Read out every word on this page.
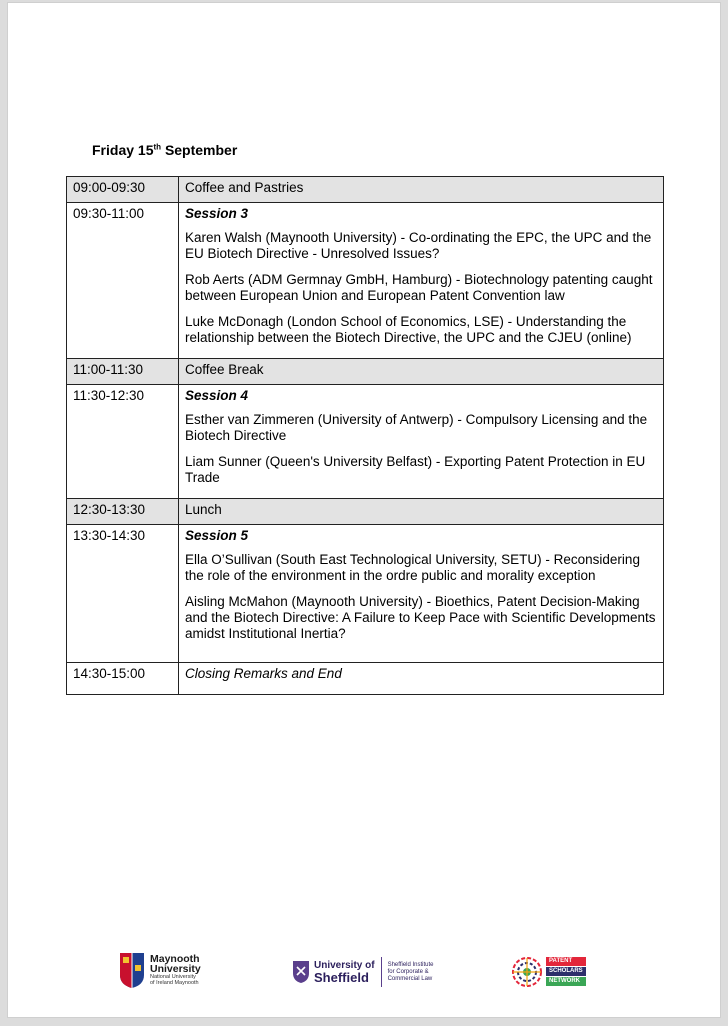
Friday 15th September
09:00-09:30	Coffee and Pastries
09:30-11:00	Session 3
Karen Walsh (Maynooth University) - Co-ordinating the EPC, the UPC and the EU Biotech Directive - Unresolved Issues?
Rob Aerts (ADM Germnay GmbH, Hamburg) - Biotechnology patenting caught between European Union and European Patent Convention law
Luke McDonagh (London School of Economics, LSE) - Understanding the relationship between the Biotech Directive, the UPC and the CJEU (online)

11:00-11:30	Coffee Break
11:30-12:30	Session 4
Esther van Zimmeren (University of Antwerp) - Compulsory Licensing and the Biotech Directive
Liam Sunner (Queen's University Belfast) - Exporting Patent Protection in EU Trade

12:30-13:30	Lunch
13:30-14:30	Session 5
Ella O’Sullivan (South East Technological University, SETU) - Reconsidering the role of the environment in the ordre public and morality exception
Aisling McMahon (Maynooth University) - Bioethics, Patent Decision-Making and the Biotech Directive: A Failure to Keep Pace with Scientific Developments amidst Institutional Inertia?

14:30-15:00	Closing Remarks and End
Maynooth
University
National University
of Ireland Maynooth
University of
Sheffield
Sheffield Institute
for Corporate &
Commercial Law
PATENT
SCHOLARS
NETWORK
